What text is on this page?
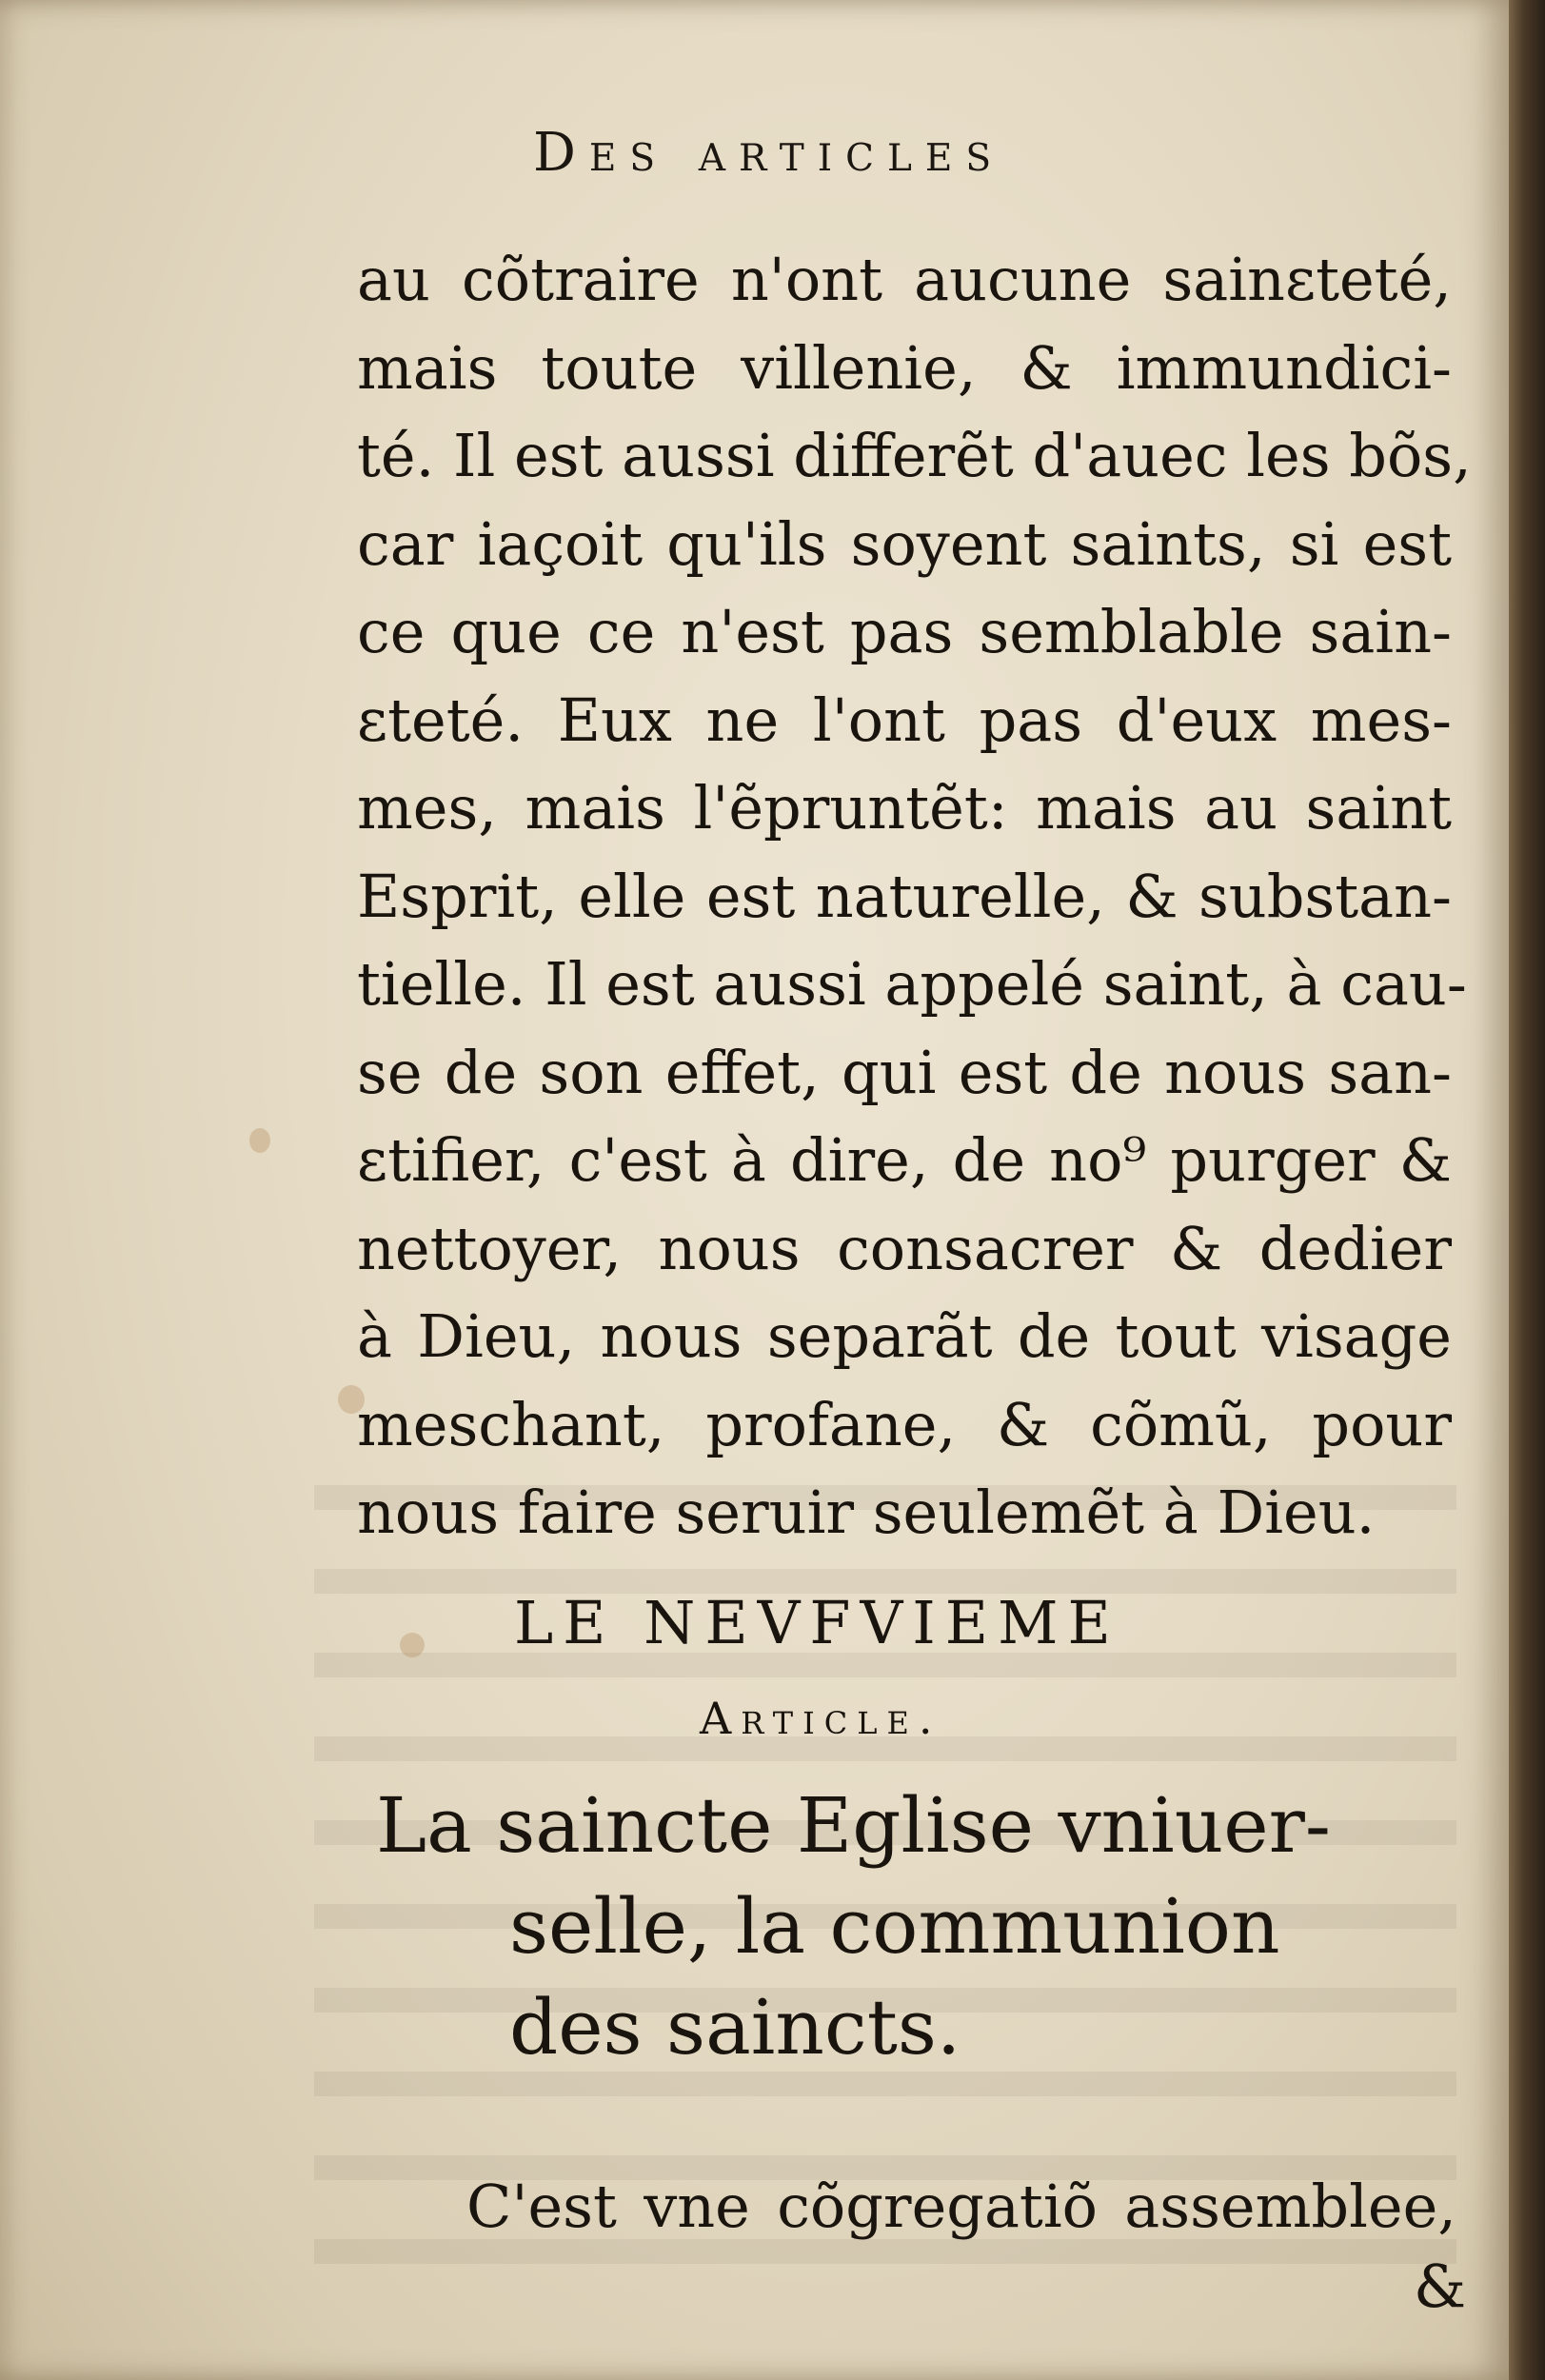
Des articles
au cõtraire n'ont aucune sainɛteté,
mais toute villenie, & immundici-
té. Il est aussi differẽt d'auec les bõs,
car iaçoit qu'ils soyent saints, si est
ce que ce n'est pas semblable sain-
ɛteté. Eux ne l'ont pas d'eux mes-
mes, mais l'ẽpruntẽt: mais au saint
Esprit, elle est naturelle, & substan-
tielle. Il est aussi appelé saint, à cau-
se de son effet, qui est de nous san-
ɛtifier, c'est à dire, de no⁹ purger &
nettoyer, nous consacrer & dedier
à Dieu, nous separãt de tout visage
meschant, profane, & cõmũ, pour
nous faire seruir seulemẽt à Dieu.
LE NEVFVIEME
Article.
La saincte Eglise vniuer-
selle, la communion
des saincts.
C'est vne cõgregatiõ assemblee,
&
